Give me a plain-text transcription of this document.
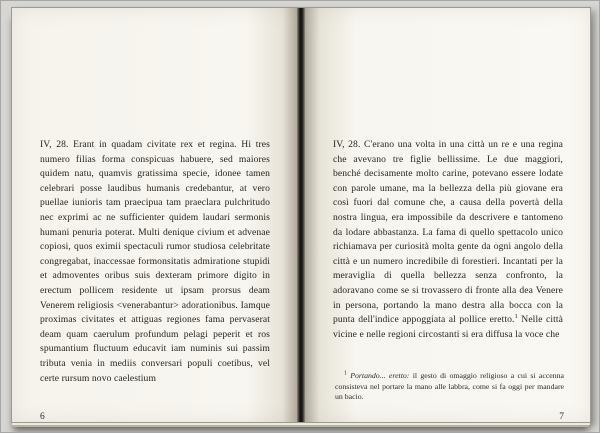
IV, 28. Erant in quadam civitate rex et regina. Hi tres numero filias forma conspicuas habuere, sed maiores quidem natu, quamvis gratissima specie, idonee tamen celebrari posse laudibus humanis credebantur, at vero puellae iunioris tam praecipua tam praeclara pulchritudo nec exprimi ac ne sufficienter quidem laudari sermonis humani penuria poterat. Multi denique civium et advenae copiosi, quos eximii spectaculi rumor studiosa celebritate congregabat, inaccessae formonsitatis admiratione stupidi et admoventes oribus suis dexteram primore digito in erectum pollicem residente ut ipsam prorsus deam Venerem religiosis <venerabantur> adorationibus. Iamque proximas civitates et attiguas regiones fama pervaserat deam quam caerulum profundum pelagi peperit et ros spumantium fluctuum educavit iam numinis sui passim tributa venia in mediis conversari populi coetibus, vel certe rursum novo caelestium
6
IV, 28. C'erano una volta in una città un re e una regina che avevano tre figlie bellissime. Le due maggiori, benché decisamente molto carine, potevano essere lodate con parole umane, ma la bellezza della più giovane era così fuori dal comune che, a causa della povertà della nostra lingua, era impossibile da descrivere e tantomeno da lodare abbastanza. La fama di quello spettacolo unico richiamava per curiosità molta gente da ogni angolo della città e un numero incredibile di forestieri. Incantati per la meraviglia di quella bellezza senza confronto, la adoravano come se si trovassero di fronte alla dea Venere in persona, portando la mano destra alla bocca con la punta dell'indice appoggiata al pollice eretto.$^1$ Nelle città vicine e nelle regioni circostanti si era diffusa la voce che
$^1$ Portando... eretto: il gesto di omaggio religioso a cui si accenna consisteva nel portare la mano alle labbra, come si fa oggi per mandare un bacio.
7
